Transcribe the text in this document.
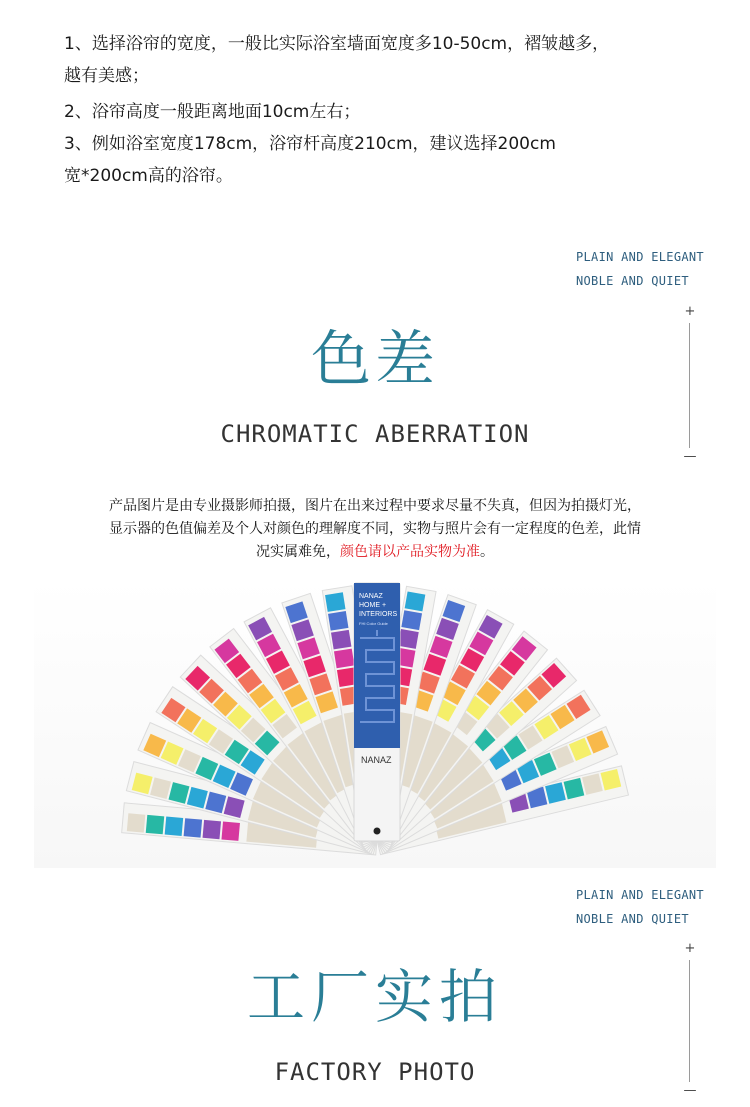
1、选择浴帘的宽度，一般比实际浴室墙面宽度多10-50cm，褶皱越多，

越有美感；

2、浴帘高度一般距离地面10cm左右；

3、例如浴室宽度178cm，浴帘杆高度210cm，建议选择200cm

宽*200cm高的浴帘。

PLAIN AND ELEGANT
NOBLE AND QUIET
+
—
色差
CHROMATIC ABERRATION
产品图片是由专业摄影师拍摄，图片在出来过程中要求尽量不失真，但因为拍摄灯光，
显示器的色值偏差及个人对颜色的理解度不同，实物与照片会有一定程度的色差，此情
况实属难免，颜色请以产品实物为准。
NANAZ
HOME +
INTERIORS
FHI Color Guide
NANAZ
PLAIN AND ELEGANT
NOBLE AND QUIET
+
—
工厂实拍
FACTORY PHOTO
